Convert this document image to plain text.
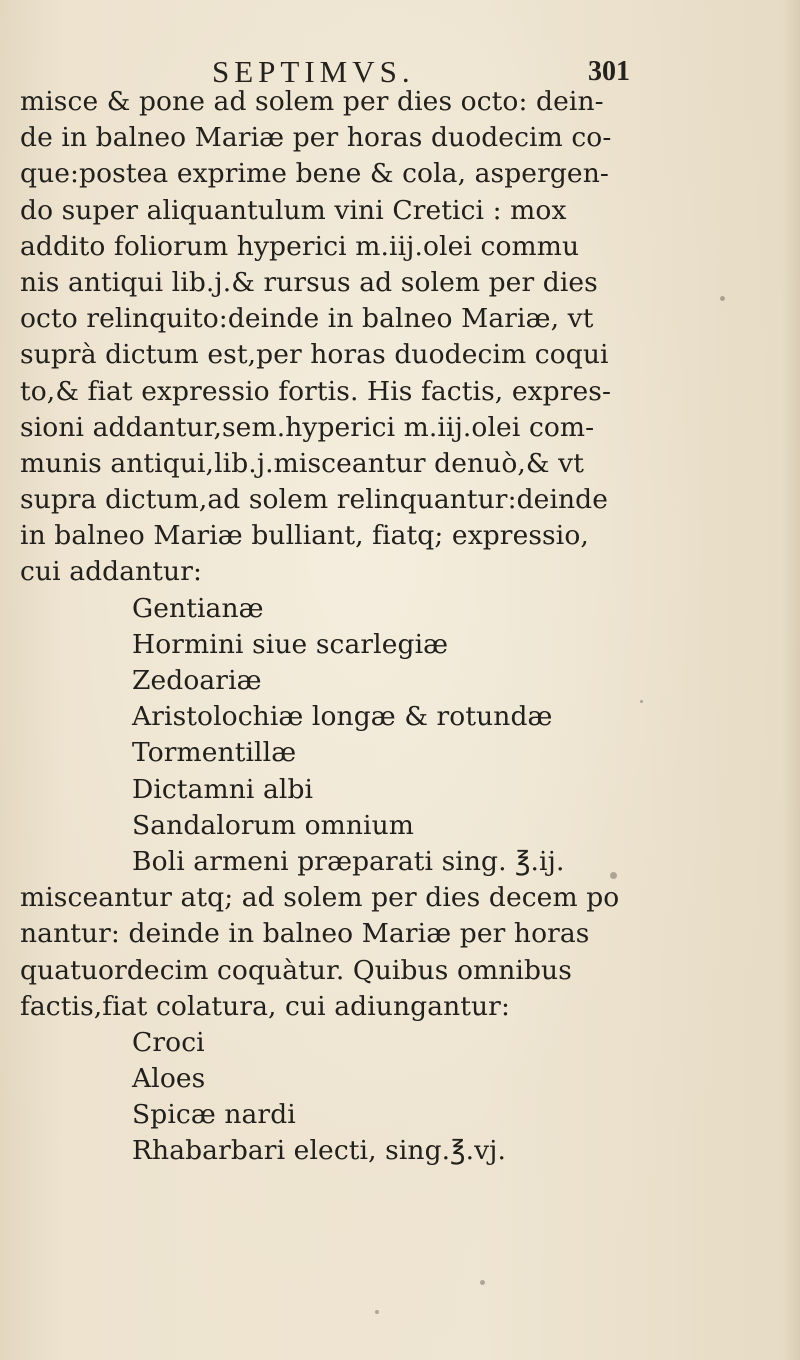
SEPTIMVS.	301
misce & pone ad solem per dies octo: dein-
de in balneo Mariæ per horas duodecim co-
que:postea exprime bene & cola, aspergen-
do super aliquantulum vini Cretici : mox
addito foliorum hyperici m.iij.olei commu
nis antiqui lib.j.& rursus ad solem per dies
octo relinquito:deinde in balneo Mariæ, vt
suprà dictum est,per horas duodecim coqui
to,& fiat expressio fortis. His factis, expres-
sioni addantur,sem.hyperici m.iij.olei com-
munis antiqui,lib.j.misceantur denuò,& vt
supra dictum,ad solem relinquantur:deinde
in balneo Mariæ bulliant, fiatq; expressio,
cui addantur:
Gentianæ
Hormini siue scarlegiæ
Zedoariæ
Aristolochiæ longæ & rotundæ
Tormentillæ
Dictamni albi
Sandalorum omnium
Boli armeni præparati sing. ℥.ij.
misceantur atq; ad solem per dies decem po
nantur: deinde in balneo Mariæ per horas
quatuordecim coquàtur. Quibus omnibus
factis,fiat colatura, cui adiungantur:
Croci
Aloes
Spicæ nardi
Rhabarbari electi, sing.℥.vj.
